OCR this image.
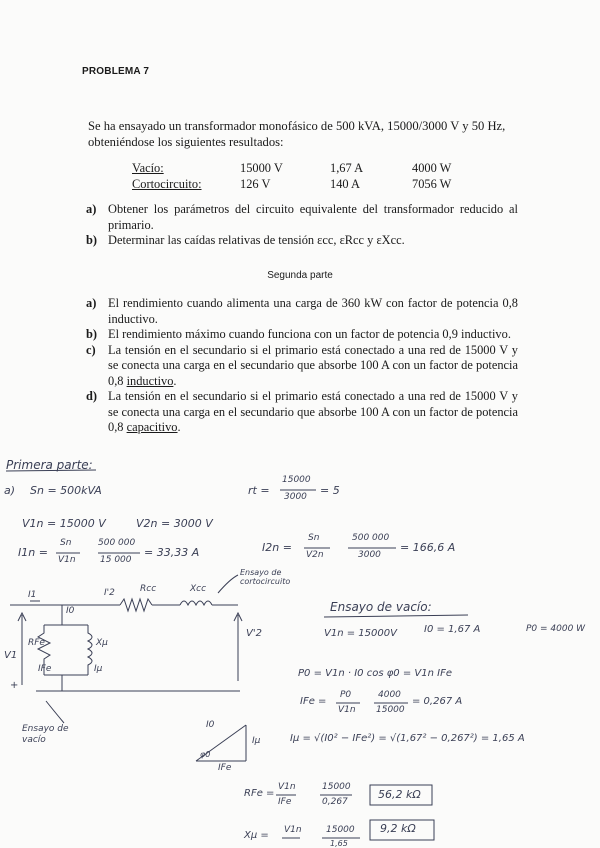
PROBLEMA 7
Se ha ensayado un transformador monofásico de 500 kVA, 15000/3000 V y 50 Hz, obteniéndose los siguientes resultados:
Vacío:	15000 V	1,67 A	4000 W
Cortocircuito:	126 V	140 A	7056 W
a) Obtener los parámetros del circuito equivalente del transformador reducido al primario.
b) Determinar las caídas relativas de tensión εcc, εRcc y εXcc.
Segunda parte
a) El rendimiento cuando alimenta una carga de 360 kW con factor de potencia 0,8 inductivo.
b) El rendimiento máximo cuando funciona con un factor de potencia 0,9 inductivo.
c) La tensión en el secundario si el primario está conectado a una red de 15000 V y se conecta una carga en el secundario que absorbe 100 A con un factor de potencia 0,8 inductivo.
d) La tensión en el secundario si el primario está conectado a una red de 15000 V y se conecta una carga en el secundario que absorbe 100 A con un factor de potencia 0,8 capacitivo.
Primera parte:
a) Sn = 500kVA	rt =
15000
3000 = 5
V1n = 15000 V	V2n = 3000 V
I1n =
Sn
V1n
500 000
15 000
= 33,33 A	I2n =
Sn
V2n
500 000
3000
= 166,6 A
Rcc	Xcc
I1	I'2
I0
RFe	Xμ
IFe	Iμ
V1
V'2
+
Ensayo de cortocircuito
Ensayo de vacío
Ensayo de vacío:
V1n = 15000V	I0 = 1,67 A	P0 = 4000 W
P0 = V1n · I0 cos φ0 = V1n IFe
IFe =
P0
V1n
4000
15000
= 0,267 A
Iμ = √(I0² − IFe²) = √(1,67² − 0,267²) = 1,65 A
I0
Iμ
IFe
φ0
RFe =
V1n
IFe
15000
0,267
56,2 kΩ
Xμ = V1n	15000
1,65
9,2 kΩ
